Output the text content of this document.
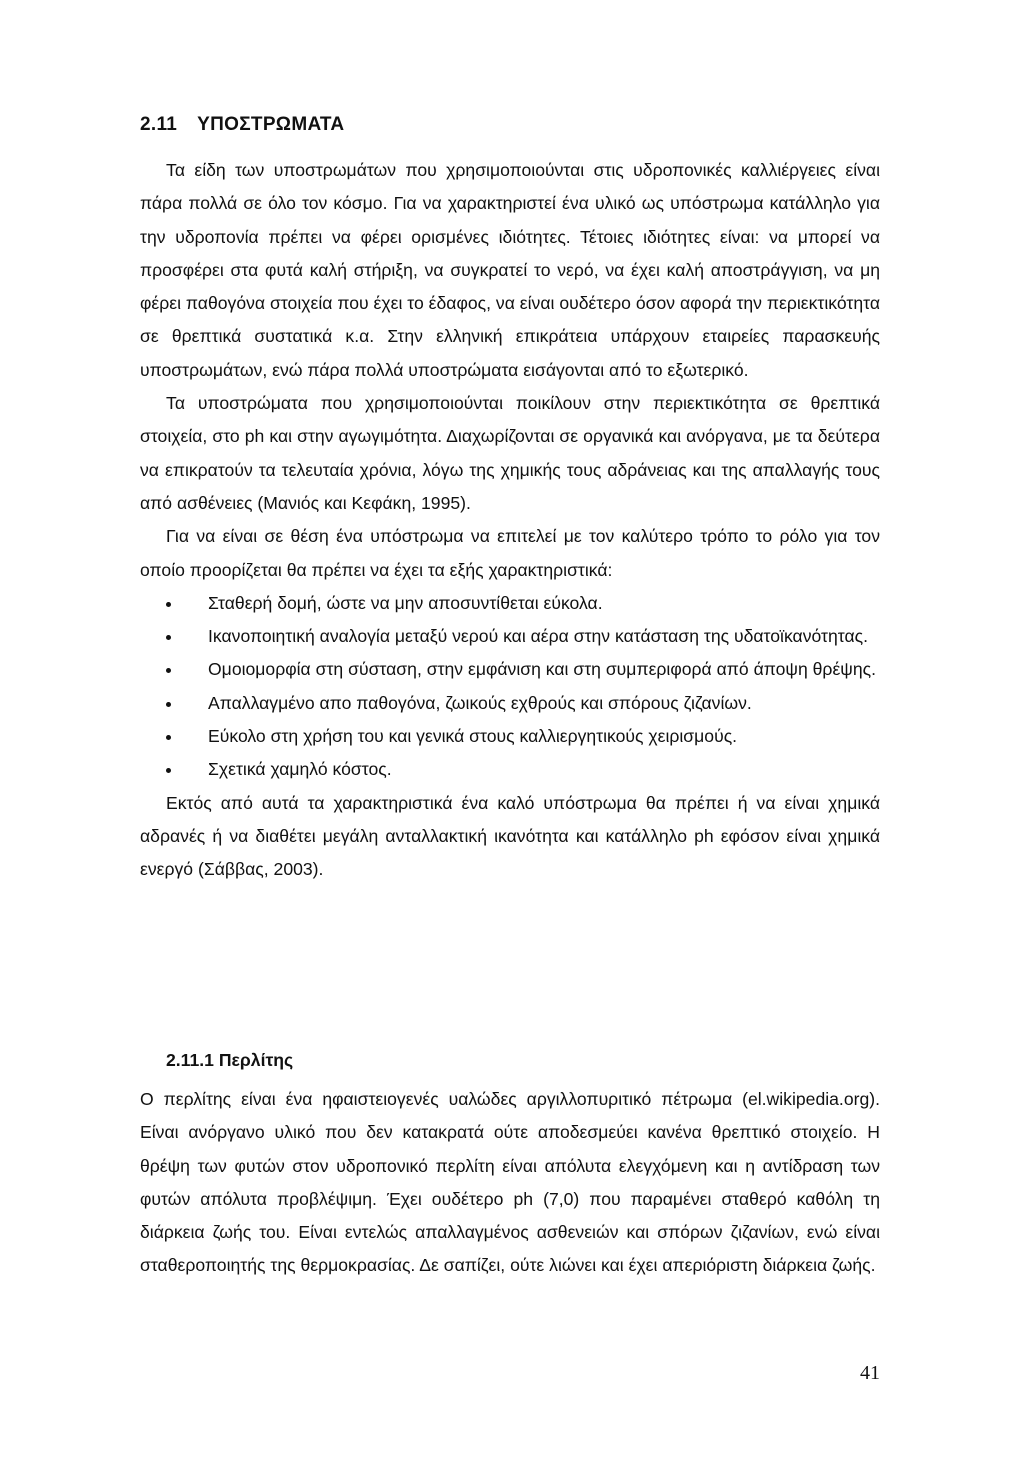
2.11 ΥΠΟΣΤΡΩΜΑΤΑ

Τα είδη των υποστρωμάτων που χρησιμοποιούνται στις υδροπονικές καλλιέργειες είναι πάρα πολλά σε όλο τον κόσμο. Για να χαρακτηριστεί ένα υλικό ως υπόστρωμα κατάλληλο για την υδροπονία πρέπει να φέρει ορισμένες ιδιότητες. Τέτοιες ιδιότητες είναι: να μπορεί να προσφέρει στα φυτά καλή στήριξη, να συγκρατεί το νερό, να έχει καλή αποστράγγιση, να μη φέρει παθογόνα στοιχεία που έχει το έδαφος, να είναι ουδέτερο όσον αφορά την περιεκτικότητα σε θρεπτικά συστατικά κ.α. Στην ελληνική επικράτεια υπάρχουν εταιρείες παρασκευής υποστρωμάτων, ενώ πάρα πολλά υποστρώματα εισάγονται από το εξωτερικό.

Τα υποστρώματα που χρησιμοποιούνται ποικίλουν στην περιεκτικότητα σε θρεπτικά στοιχεία, στο ph και στην αγωγιμότητα. Διαχωρίζονται σε οργανικά και ανόργανα, με τα δεύτερα να επικρατούν τα τελευταία χρόνια, λόγω της χημικής τους αδράνειας και της απαλλαγής τους από ασθένειες (Μανιός και Κεφάκη, 1995).

Για να είναι σε θέση ένα υπόστρωμα να επιτελεί με τον καλύτερο τρόπο το ρόλο για τον οποίο προορίζεται θα πρέπει να έχει τα εξής χαρακτηριστικά:

Σταθερή δομή, ώστε να μην αποσυντίθεται εύκολα.
Ικανοποιητική αναλογία μεταξύ νερού και αέρα στην κατάσταση της υδατοϊκανότητας.
Ομοιομορφία στη σύσταση, στην εμφάνιση και στη συμπεριφορά από άποψη θρέψης.
Απαλλαγμένο απο παθογόνα, ζωικούς εχθρούς και σπόρους ζιζανίων.
Εύκολο στη χρήση του και γενικά στους καλλιεργητικούς χειρισμούς.
Σχετικά χαμηλό κόστος.

Εκτός από αυτά τα χαρακτηριστικά ένα καλό υπόστρωμα θα πρέπει ή να είναι χημικά αδρανές ή να διαθέτει μεγάλη ανταλλακτική ικανότητα και κατάλληλο ph εφόσον είναι χημικά ενεργό (Σάββας, 2003).

2.11.1 Περλίτης

Ο περλίτης είναι ένα ηφαιστειογενές υαλώδες αργιλλοπυριτικό πέτρωμα (el.wikipedia.org). Είναι ανόργανο υλικό που δεν κατακρατά ούτε αποδεσμεύει κανένα θρεπτικό στοιχείο. Η θρέψη των φυτών στον υδροπονικό περλίτη είναι απόλυτα ελεγχόμενη και η αντίδραση των φυτών απόλυτα προβλέψιμη. Έχει ουδέτερο ph (7,0) που παραμένει σταθερό καθόλη τη διάρκεια ζωής του. Είναι εντελώς απαλλαγμένος ασθενειών και σπόρων ζιζανίων, ενώ είναι σταθεροποιητής της θερμοκρασίας. Δε σαπίζει, ούτε λιώνει και έχει απεριόριστη διάρκεια ζωής.

41
